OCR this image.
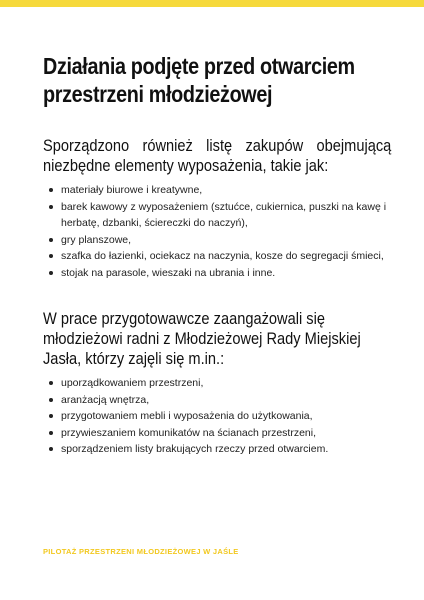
Działania podjęte przed otwarciem przestrzeni młodzieżowej

Sporządzono również listę zakupów obejmującą niezbędne elementy wyposażenia, takie jak:

materiały biurowe i kreatywne,
barek kawowy z wyposażeniem (sztućce, cukiernica, puszki na kawę i herbatę, dzbanki, ściereczki do naczyń),
gry planszowe,
szafka do łazienki, ociekacz na naczynia, kosze do segregacji śmieci,
stojak na parasole, wieszaki na ubrania i inne.

W prace przygotowawcze zaangażowali się młodzieżowi radni z Młodzieżowej Rady Miejskiej Jasła, którzy zajęli się m.in.:

uporządkowaniem przestrzeni,
aranżacją wnętrza,
przygotowaniem mebli i wyposażenia do użytkowania,
przywieszaniem komunikatów na ścianach przestrzeni,
sporządzeniem listy brakujących rzeczy przed otwarciem.
PILOTAŻ PRZESTRZENI MŁODZIEŻOWEJ W JAŚLE
